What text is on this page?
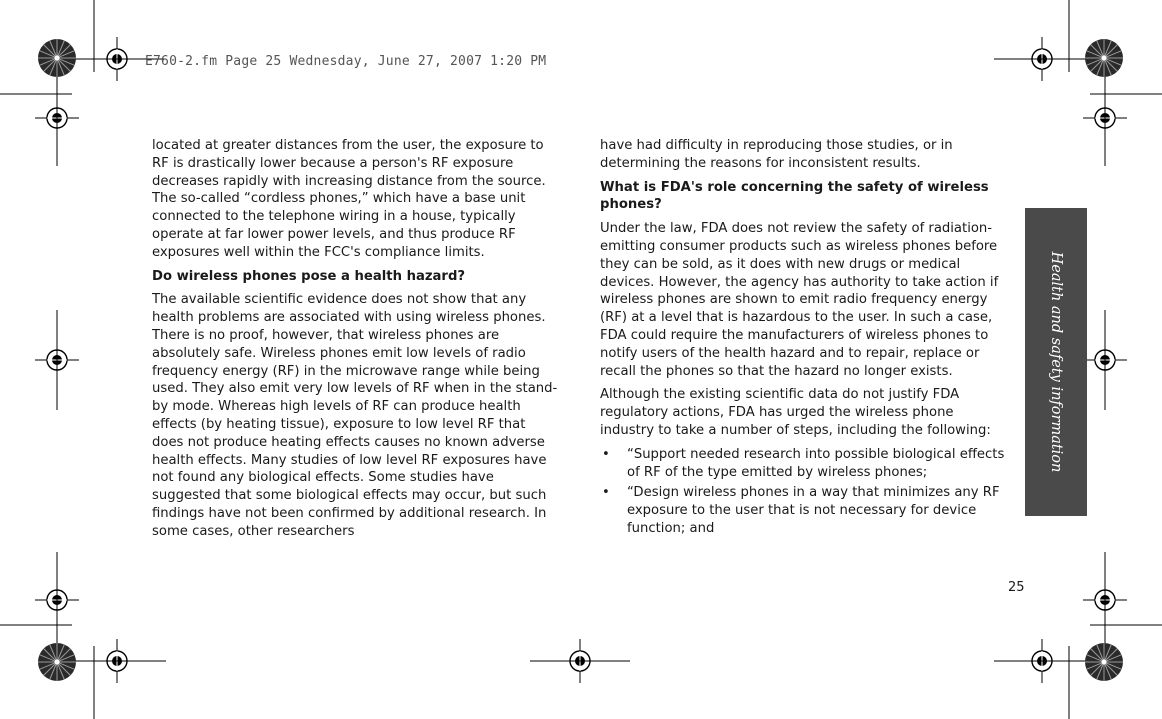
E760-2.fm Page 25 Wednesday, June 27, 2007 1:20 PM

located at greater distances from the user, the exposure to RF is drastically lower because a person's RF exposure decreases rapidly with increasing distance from the source. The so-called “cordless phones,” which have a base unit connected to the telephone wiring in a house, typically operate at far lower power levels, and thus produce RF exposures well within the FCC's compliance limits.

Do wireless phones pose a health hazard?

The available scientific evidence does not show that any health problems are associated with using wireless phones. There is no proof, however, that wireless phones are absolutely safe. Wireless phones emit low levels of radio frequency energy (RF) in the microwave range while being used. They also emit very low levels of RF when in the stand-by mode. Whereas high levels of RF can produce health effects (by heating tissue), exposure to low level RF that does not produce heating effects causes no known adverse health effects. Many studies of low level RF exposures have not found any biological effects. Some studies have suggested that some biological effects may occur, but such findings have not been confirmed by additional research. In some cases, other researchers

have had difficulty in reproducing those studies, or in determining the reasons for inconsistent results.

What is FDA's role concerning the safety of wireless phones?

Under the law, FDA does not review the safety of radiation-emitting consumer products such as wireless phones before they can be sold, as it does with new drugs or medical devices. However, the agency has authority to take action if wireless phones are shown to emit radio frequency energy (RF) at a level that is hazardous to the user. In such a case, FDA could require the manufacturers of wireless phones to notify users of the health hazard and to repair, replace or recall the phones so that the hazard no longer exists.

Although the existing scientific data do not justify FDA regulatory actions, FDA has urged the wireless phone industry to take a number of steps, including the following:

• “Support needed research into possible biological effects of RF of the type emitted by wireless phones;
• “Design wireless phones in a way that minimizes any RF exposure to the user that is not necessary for device function; and
Health and safety information
25
